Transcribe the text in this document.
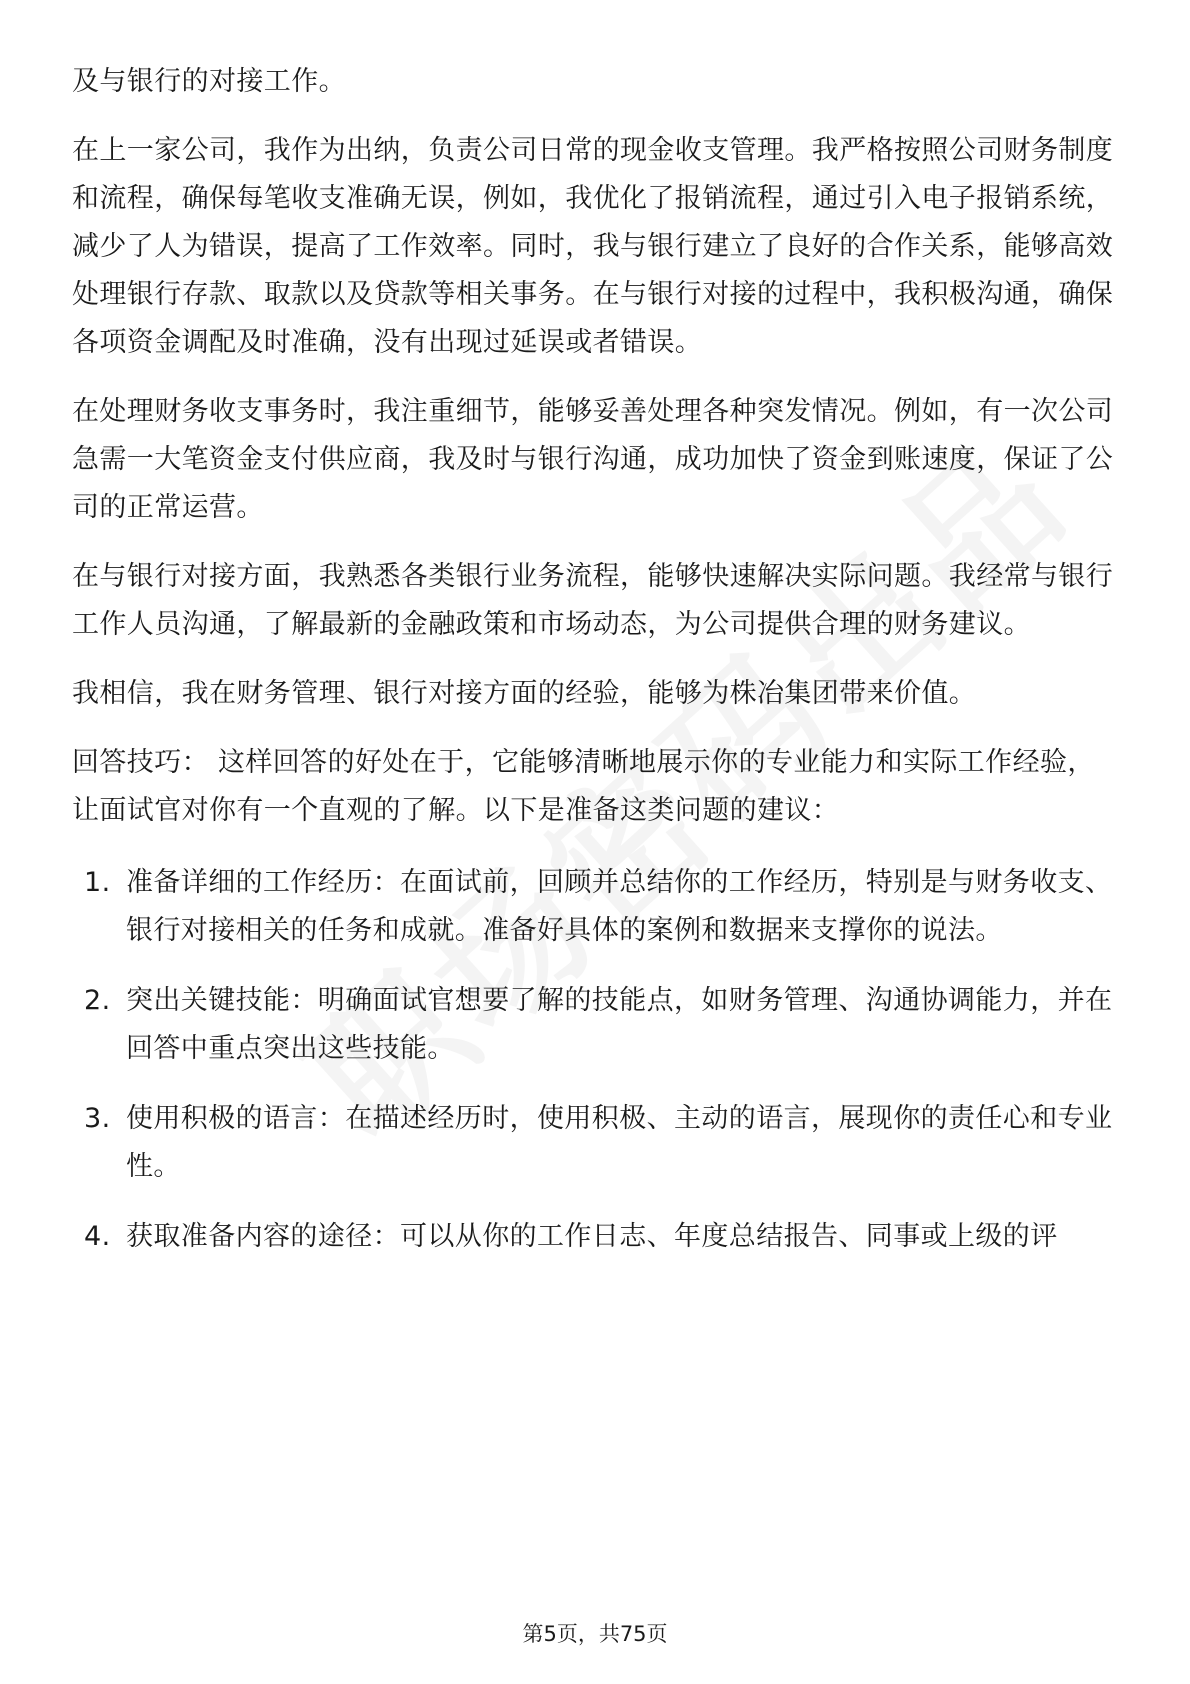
及与银行的对接工作。

在上一家公司，我作为出纳，负责公司日常的现金收支管理。我严格按照公司财务制度和流程，确保每笔收支准确无误，例如，我优化了报销流程，通过引入电子报销系统，减少了人为错误，提高了工作效率。同时，我与银行建立了良好的合作关系，能够高效处理银行存款、取款以及贷款等相关事务。在与银行对接的过程中，我积极沟通，确保各项资金调配及时准确，没有出现过延误或者错误。

在处理财务收支事务时，我注重细节，能够妥善处理各种突发情况。例如，有一次公司急需一大笔资金支付供应商，我及时与银行沟通，成功加快了资金到账速度，保证了公司的正常运营。

在与银行对接方面，我熟悉各类银行业务流程，能够快速解决实际问题。我经常与银行工作人员沟通，了解最新的金融政策和市场动态，为公司提供合理的财务建议。

我相信，我在财务管理、银行对接方面的经验，能够为株冶集团带来价值。

回答技巧： 这样回答的好处在于，它能够清晰地展示你的专业能力和实际工作经验，让面试官对你有一个直观的了解。以下是准备这类问题的建议：

1. 准备详细的工作经历：在面试前，回顾并总结你的工作经历，特别是与财务收支、银行对接相关的任务和成就。准备好具体的案例和数据来支撑你的说法。
2. 突出关键技能：明确面试官想要了解的技能点，如财务管理、沟通协调能力，并在回答中重点突出这些技能。
3. 使用积极的语言：在描述经历时，使用积极、主动的语言，展现你的责任心和专业性。
4. 获取准备内容的途径：可以从你的工作日志、年度总结报告、同事或上级的评
第5页，共75页
